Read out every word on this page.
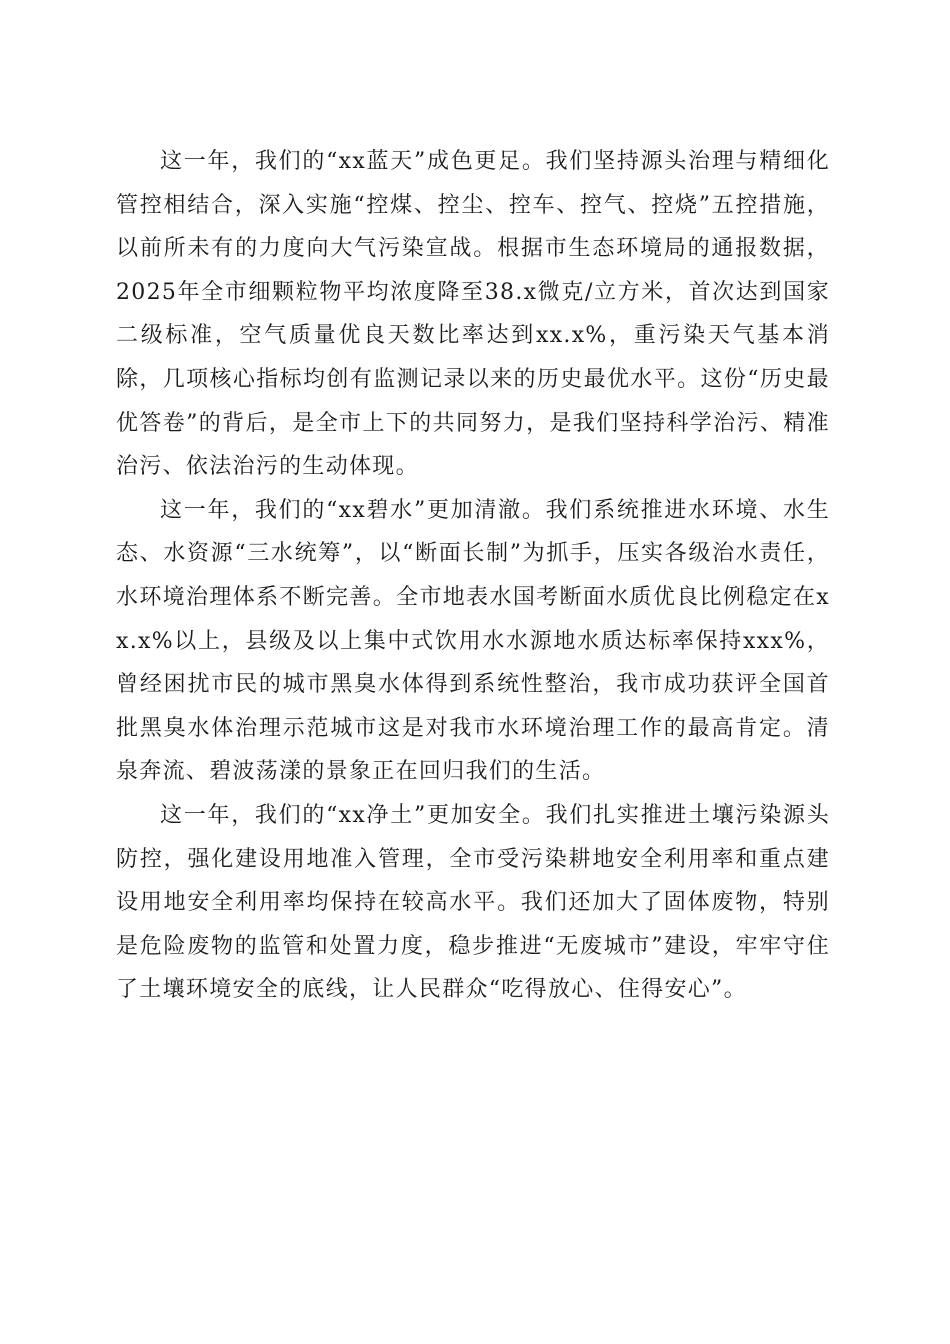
这一年，我们的“xx蓝天”成色更足。我们坚持源头治理与精细化管控相结合，深入实施“控煤、控尘、控车、控气、控烧”五控措施，以前所未有的力度向大气污染宣战。根据市生态环境局的通报数据，2025年全市细颗粒物平均浓度降至38.x微克/立方米，首次达到国家二级标准，空气质量优良天数比率达到xx.x%，重污染天气基本消除，几项核心指标均创有监测记录以来的历史最优水平。这份“历史最优答卷”的背后，是全市上下的共同努力，是我们坚持科学治污、精准治污、依法治污的生动体现。

这一年，我们的“xx碧水”更加清澈。我们系统推进水环境、水生态、水资源“三水统筹”，以“断面长制”为抓手，压实各级治水责任，水环境治理体系不断完善。全市地表水国考断面水质优良比例稳定在xx.x%以上，县级及以上集中式饮用水水源地水质达标率保持xxx%，曾经困扰市民的城市黑臭水体得到系统性整治，我市成功获评全国首批黑臭水体治理示范城市这是对我市水环境治理工作的最高肯定。清泉奔流、碧波荡漾的景象正在回归我们的生活。

这一年，我们的“xx净土”更加安全。我们扎实推进土壤污染源头防控，强化建设用地准入管理，全市受污染耕地安全利用率和重点建设用地安全利用率均保持在较高水平。我们还加大了固体废物，特别是危险废物的监管和处置力度，稳步推进“无废城市”建设，牢牢守住了土壤环境安全的底线，让人民群众“吃得放心、住得安心”。
